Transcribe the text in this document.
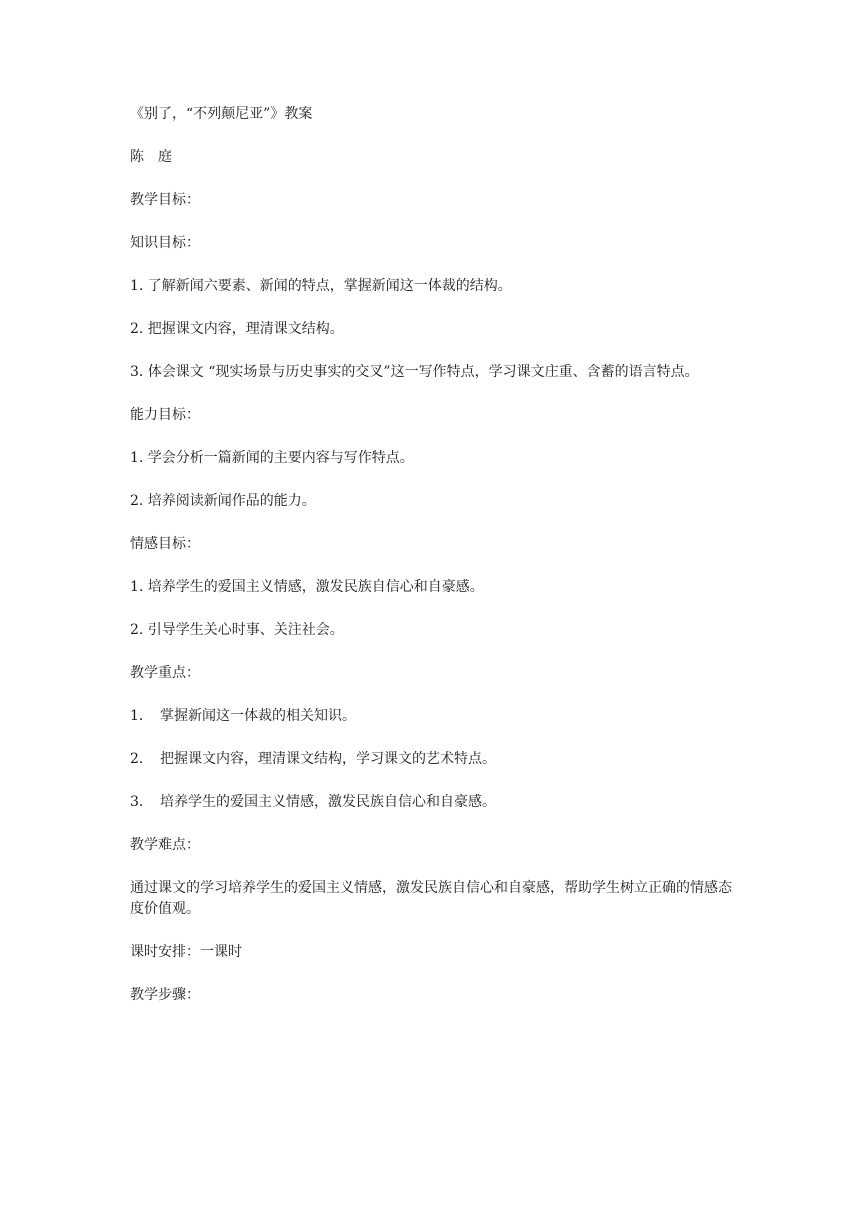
《别了，“不列颠尼亚”》教案

陈 庭

教学目标：

知识目标：

1. 了解新闻六要素、新闻的特点，掌握新闻这一体裁的结构。

2. 把握课文内容，理清课文结构。

3. 体会课文 “现实场景与历史事实的交叉”这一写作特点，学习课文庄重、含蓄的语言特点。

能力目标：

1. 学会分析一篇新闻的主要内容与写作特点。

2. 培养阅读新闻作品的能力。

情感目标：

1. 培养学生的爱国主义情感，激发民族自信心和自豪感。

2. 引导学生关心时事、关注社会。

教学重点：

1． 掌握新闻这一体裁的相关知识。

2． 把握课文内容，理清课文结构，学习课文的艺术特点。

3． 培养学生的爱国主义情感，激发民族自信心和自豪感。

教学难点：

通过课文的学习培养学生的爱国主义情感，激发民族自信心和自豪感，帮助学生树立正确的情感态度价值观。

课时安排：一课时

教学步骤：
